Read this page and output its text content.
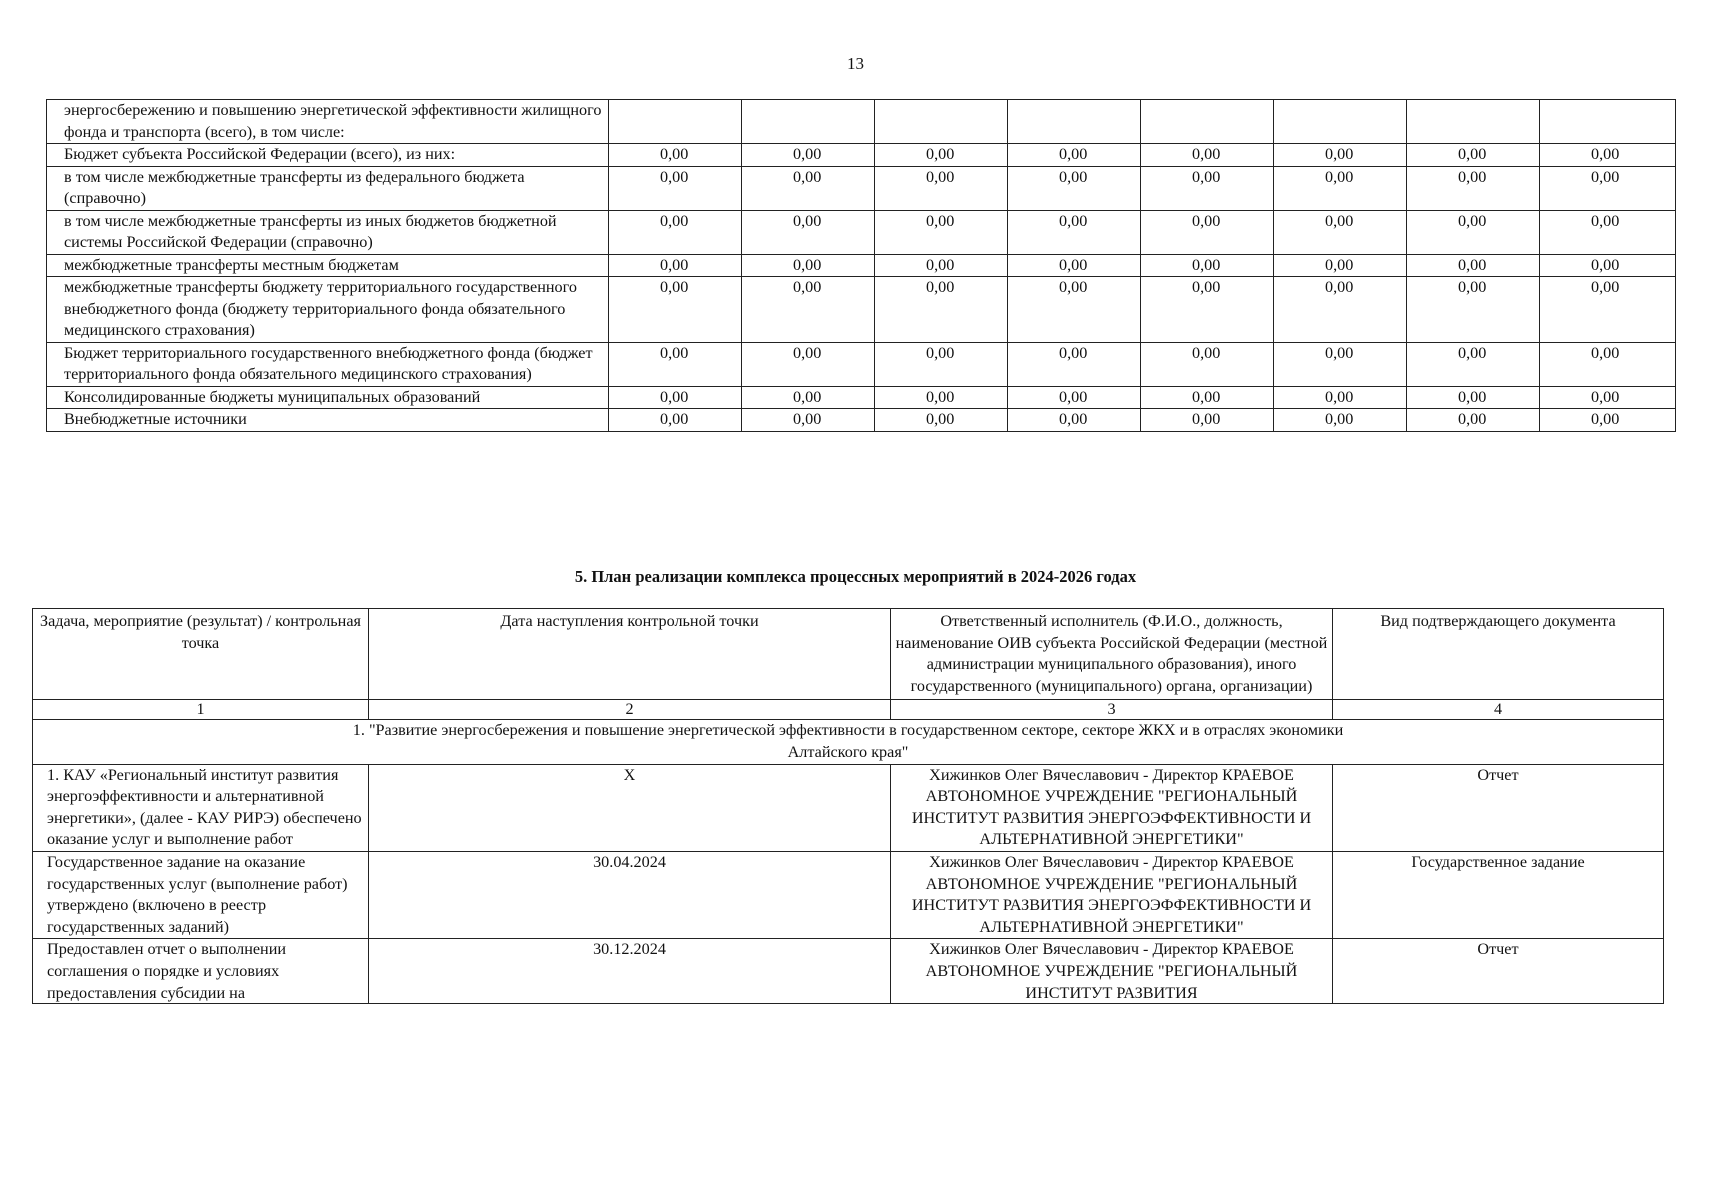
13
энергосбережению и повышению энергетической эффективности жилищного фонда и транспорта (всего), в том числе:								
Бюджет субъекта Российской Федерации (всего), из них:	0,00	0,00	0,00	0,00	0,00	0,00	0,00	0,00
в том числе межбюджетные трансферты из федерального бюджета (справочно)	0,00	0,00	0,00	0,00	0,00	0,00	0,00	0,00
в том числе межбюджетные трансферты из иных бюджетов бюджетной системы Российской Федерации (справочно)	0,00	0,00	0,00	0,00	0,00	0,00	0,00	0,00
межбюджетные трансферты местным бюджетам	0,00	0,00	0,00	0,00	0,00	0,00	0,00	0,00
межбюджетные трансферты бюджету территориального государственного внебюджетного фонда (бюджету территориального фонда обязательного медицинского страхования)	0,00	0,00	0,00	0,00	0,00	0,00	0,00	0,00
Бюджет территориального государственного внебюджетного фонда (бюджет территориального фонда обязательного медицинского страхования)	0,00	0,00	0,00	0,00	0,00	0,00	0,00	0,00
Консолидированные бюджеты муниципальных образований	0,00	0,00	0,00	0,00	0,00	0,00	0,00	0,00
Внебюджетные источники	0,00	0,00	0,00	0,00	0,00	0,00	0,00	0,00
5. План реализации комплекса процессных мероприятий в 2024-2026 годах
Задача, мероприятие (результат) / контрольная точка	Дата наступления контрольной точки	Ответственный исполнитель (Ф.И.О., должность, наименование ОИВ субъекта Российской Федерации (местной администрации муниципального образования), иного государственного (муниципального) органа, организации)	Вид подтверждающего документа
1	2	3	4

1. "Развитие энергосбережения и повышение энергетической эффективности в государственном секторе, секторе ЖКХ и в отраслях экономики Алтайского края"			

1. КАУ «Региональный институт развития энергоэффективности и альтернативной энергетики», (далее - КАУ РИРЭ) обеспечено оказание услуг и выполнение работ	Х	Хижинков Олег Вячеславович - Директор КРАЕВОЕ АВТОНОМНОЕ УЧРЕЖДЕНИЕ "РЕГИОНАЛЬНЫЙ ИНСТИТУТ РАЗВИТИЯ ЭНЕРГОЭФФЕКТИВНОСТИ И АЛЬТЕРНАТИВНОЙ ЭНЕРГЕТИКИ"	Отчет
Государственное задание на оказание государственных услуг (выполнение работ) утверждено (включено в реестр государственных заданий)	30.04.2024	Хижинков Олег Вячеславович - Директор КРАЕВОЕ АВТОНОМНОЕ УЧРЕЖДЕНИЕ "РЕГИОНАЛЬНЫЙ ИНСТИТУТ РАЗВИТИЯ ЭНЕРГОЭФФЕКТИВНОСТИ И АЛЬТЕРНАТИВНОЙ ЭНЕРГЕТИКИ"	Государственное задание

Предоставлен отчет о выполнении соглашения о порядке и условиях предоставления субсидии на	30.12.2024	Хижинков Олег Вячеславович - Директор КРАЕВОЕ АВТОНОМНОЕ УЧРЕЖДЕНИЕ "РЕГИОНАЛЬНЫЙ ИНСТИТУТ РАЗВИТИЯ	Отчет
